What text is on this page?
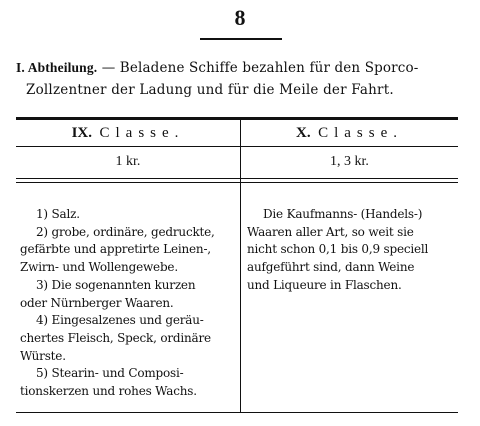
8
I. Abtheilung. — Beladene Schiffe bezahlen für den Sporco-
Zollzentner der Ladung und für die Meile der Fahrt.
IX. Classe.	X. Classe.
1 kr.	1, 3 kr.
1) Salz.
2) grobe, ordinäre, gedruckte,
gefärbte und appretirte Leinen-,
Zwirn- und Wollengewebe.
3) Die sogenannten kurzen
oder Nürnberger Waaren.
4) Eingesalzenes und geräu-
chertes Fleisch, Speck, ordinäre
Würste.
5) Stearin- und Composi-
tionskerzen und rohes Wachs.
Die Kaufmanns- (Handels-)
Waaren aller Art, so weit sie
nicht schon 0,1 bis 0,9 speciell
aufgeführt sind, dann Weine
und Liqueure in Flaschen.
